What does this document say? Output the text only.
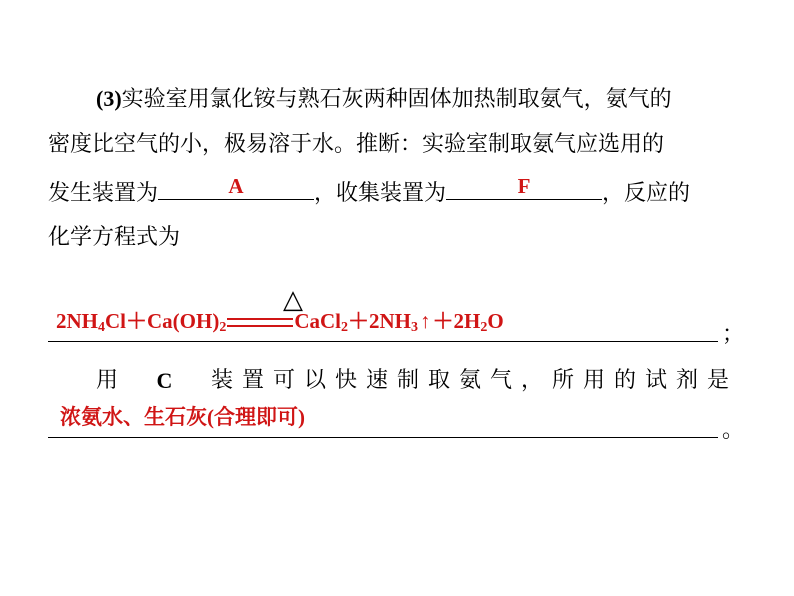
(3)实验室用氯化铵与熟石灰两种固体加热制取氨气，氨气的
密度比空气的小，极易溶于水。推断：实验室制取氨气应选用的
发生装置为	A	，收集装置为	F	，反应的
化学方程式为
△
$2NH_4Cl+Ca(OH)_2$	$CaCl_2+2NH_3↑+2H_2O$
；
用 C 装置可以快速制取氨气，所用的试剂是
浓氨水、生石灰(合理即可)
。
